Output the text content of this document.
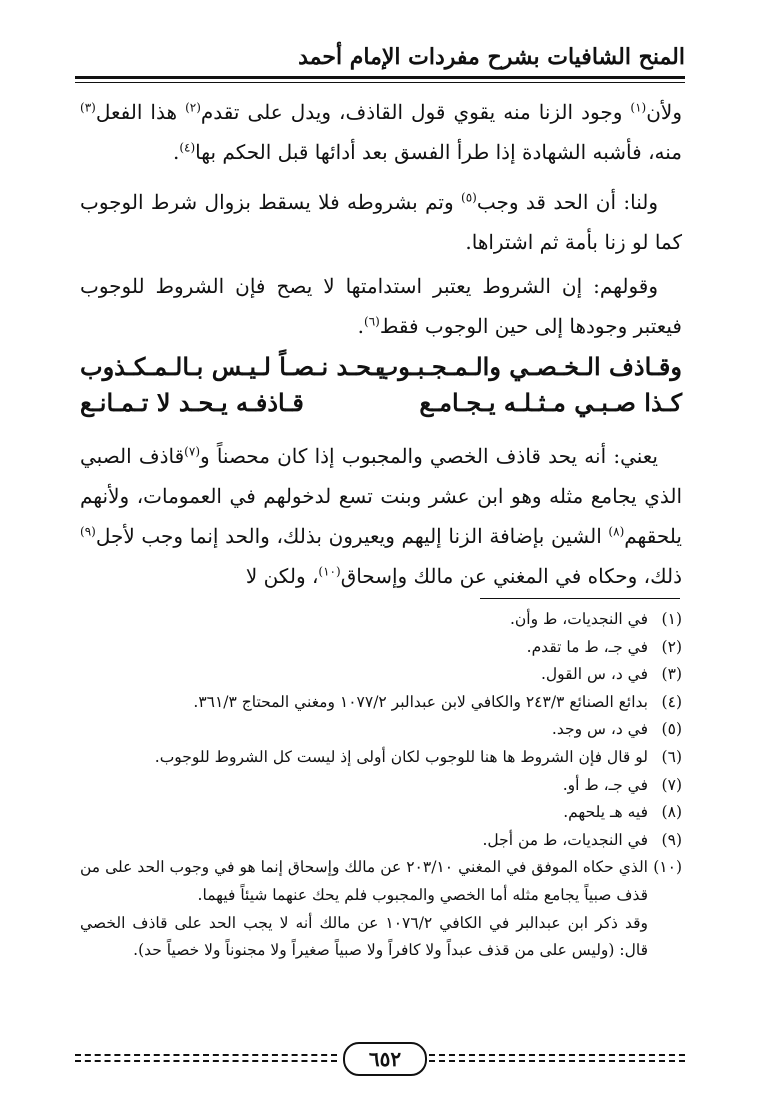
المنح الشافيات بشرح مفردات الإمام أحمد

ولأن$^{(١)}$ وجود الزنا منه يقوي قول القاذف، ويدل على تقدم$^{(٢)}$ هذا الفعل$^{(٣)}$ منه، فأشبه الشهادة إذا طرأ الفسق بعد أدائها قبل الحكم بها$^{(٤)}$.

ولنا: أن الحد قد وجب$^{(٥)}$ وتم بشروطه فلا يسقط بزوال شرط الوجوب كما لو زنا بأمة ثم اشتراها.

وقولهم: إن الشروط يعتبر استدامتها لا يصح فإن الشروط للوجوب فيعتبر وجودها إلى حين الوجوب فقط$^{(٦)}$.

وقـاذف الـخـصـي والـمـجـبـوب
يـحـد نـصـاً لـيـس بـالـمـكـذوب
كـذا صـبـي مـثـلـه يـجـامـع
قـاذفـه يـحـد لا تـمـانـع

يعني: أنه يحد قاذف الخصي والمجبوب إذا كان محصناً و$^{(٧)}$قاذف الصبي الذي يجامع مثله وهو ابن عشر وبنت تسع لدخولهم في العمومات، ولأنهم يلحقهم$^{(٨)}$ الشين بإضافة الزنا إليهم ويعيرون بذلك، والحد إنما وجب لأجل$^{(٩)}$ ذلك، وحكاه في المغني عن مالك وإسحاق$^{(١٠)}$، ولكن لا

(١)
في النجديات، ط وأن.
(٢)
في جـ، ط ما تقدم.
(٣)
في د، س القول.
(٤)
بدائع الصنائع ٢٤٣/٣ والكافي لابن عبدالبر ١٠٧٧/٢ ومغني المحتاج ٣٦١/٣.
(٥)
في د، س وجد.
(٦)
لو قال فإن الشروط ها هنا للوجوب لكان أولى إذ ليست كل الشروط للوجوب.
(٧)
في جـ، ط أو.
(٨)
فيه هـ يلحهم.
(٩)
في النجديات، ط من أجل.
(١٠)
الذي حكاه الموفق في المغني ٢٠٣/١٠ عن مالك وإسحاق إنما هو في وجوب الحد على من قذف صبياً يجامع مثله أما الخصي والمجبوب فلم يحك عنهما شيئاً فيهما.
وقد ذكر ابن عبدالبر في الكافي ١٠٧٦/٢ عن مالك أنه لا يجب الحد على قاذف الخصي قال: (وليس على من قذف عبداً ولا كافراً ولا صبياً صغيراً ولا مجنوناً ولا خصياً حد).
٦٥٢
